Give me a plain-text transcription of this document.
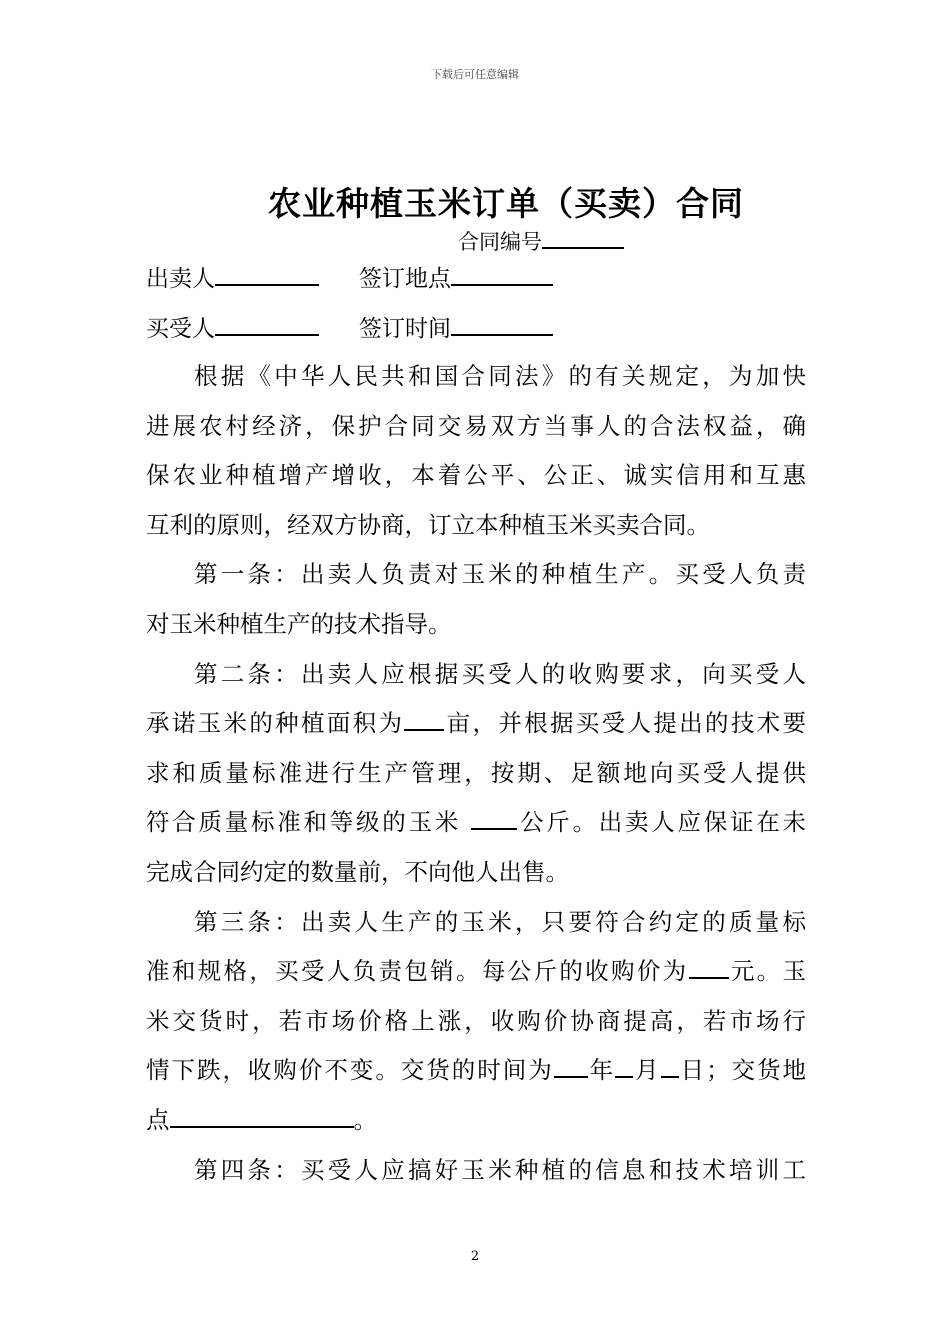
下载后可任意编辑
农业种植玉米订单（买卖）合同
合同编号
出卖人	签订地点
买受人	签订时间
根据《中华人民共和国合同法》的有关规定，为加快
进展农村经济，保护合同交易双方当事人的合法权益，确
保农业种植增产增收，本着公平、公正、诚实信用和互惠
互利的原则，经双方协商，订立本种植玉米买卖合同。
第一条：出卖人负责对玉米的种植生产。买受人负责
对玉米种植生产的技术指导。
第二条：出卖人应根据买受人的收购要求，向买受人
承诺玉米的种植面积为 亩，并根据买受人提出的技术要
求和质量标准进行生产管理，按期、足额地向买受人提供
符合质量标准和等级的玉米 公斤。出卖人应保证在未
完成合同约定的数量前，不向他人出售。
第三条：出卖人生产的玉米，只要符合约定的质量标
准和规格，买受人负责包销。每公斤的收购价为 元。玉
米交货时，若市场价格上涨，收购价协商提高，若市场行
情下跌，收购价不变。交货的时间为 年 月 日；交货地
点	。
第四条：买受人应搞好玉米种植的信息和技术培训工
2
